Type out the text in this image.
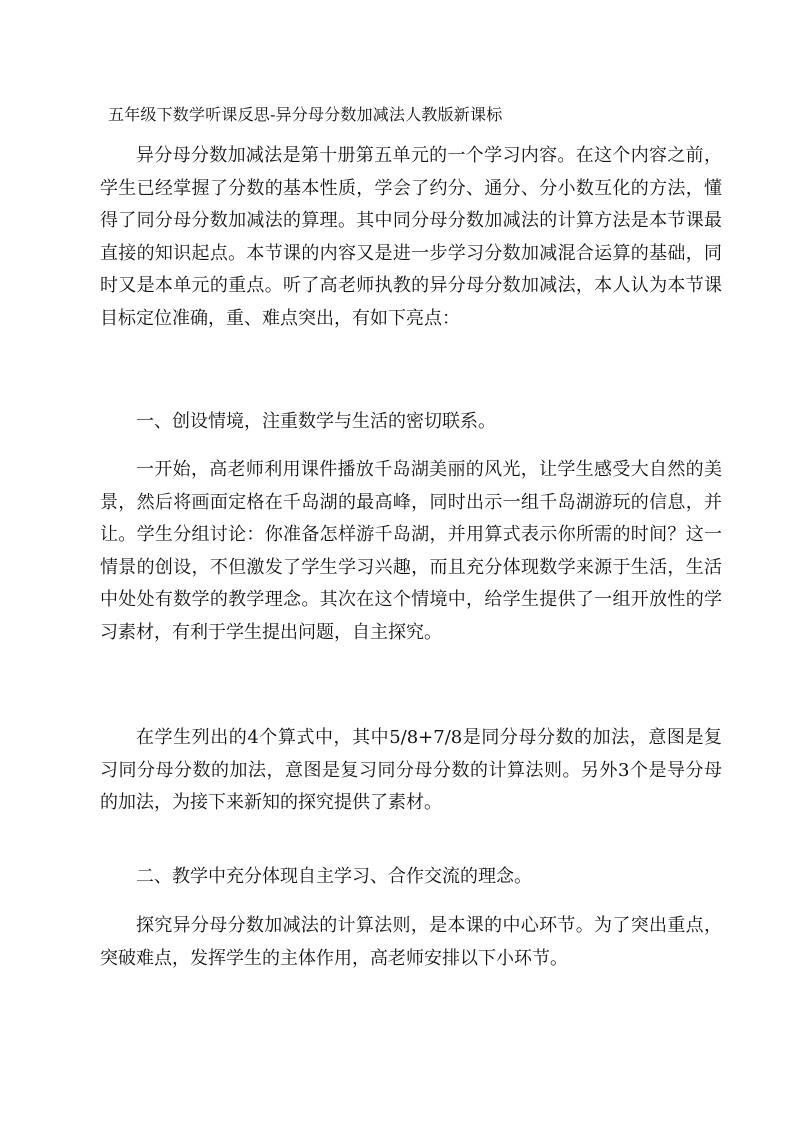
五年级下数学听课反思-异分母分数加减法人教版新课标

异分母分数加减法是第十册第五单元的一个学习内容。在这个内容之前，学生已经掌握了分数的基本性质，学会了约分、通分、分小数互化的方法，懂得了同分母分数加减法的算理。其中同分母分数加减法的计算方法是本节课最直接的知识起点。本节课的内容又是进一步学习分数加减混合运算的基础，同时又是本单元的重点。听了高老师执教的异分母分数加减法，本人认为本节课目标定位准确，重、难点突出，有如下亮点：

一、创设情境，注重数学与生活的密切联系。

一开始，高老师利用课件播放千岛湖美丽的风光，让学生感受大自然的美景，然后将画面定格在千岛湖的最高峰，同时出示一组千岛湖游玩的信息，并让。学生分组讨论：你准备怎样游千岛湖，并用算式表示你所需的时间？这一情景的创设，不但激发了学生学习兴趣，而且充分体现数学来源于生活，生活中处处有数学的教学理念。其次在这个情境中，给学生提供了一组开放性的学习素材，有利于学生提出问题，自主探究。

在学生列出的4个算式中，其中5/8+7/8是同分母分数的加法，意图是复习同分母分数的加法，意图是复习同分母分数的计算法则。另外3个是导分母的加法，为接下来新知的探究提供了素材。

二、教学中充分体现自主学习、合作交流的理念。

探究异分母分数加减法的计算法则，是本课的中心环节。为了突出重点，突破难点，发挥学生的主体作用，高老师安排以下小环节。
